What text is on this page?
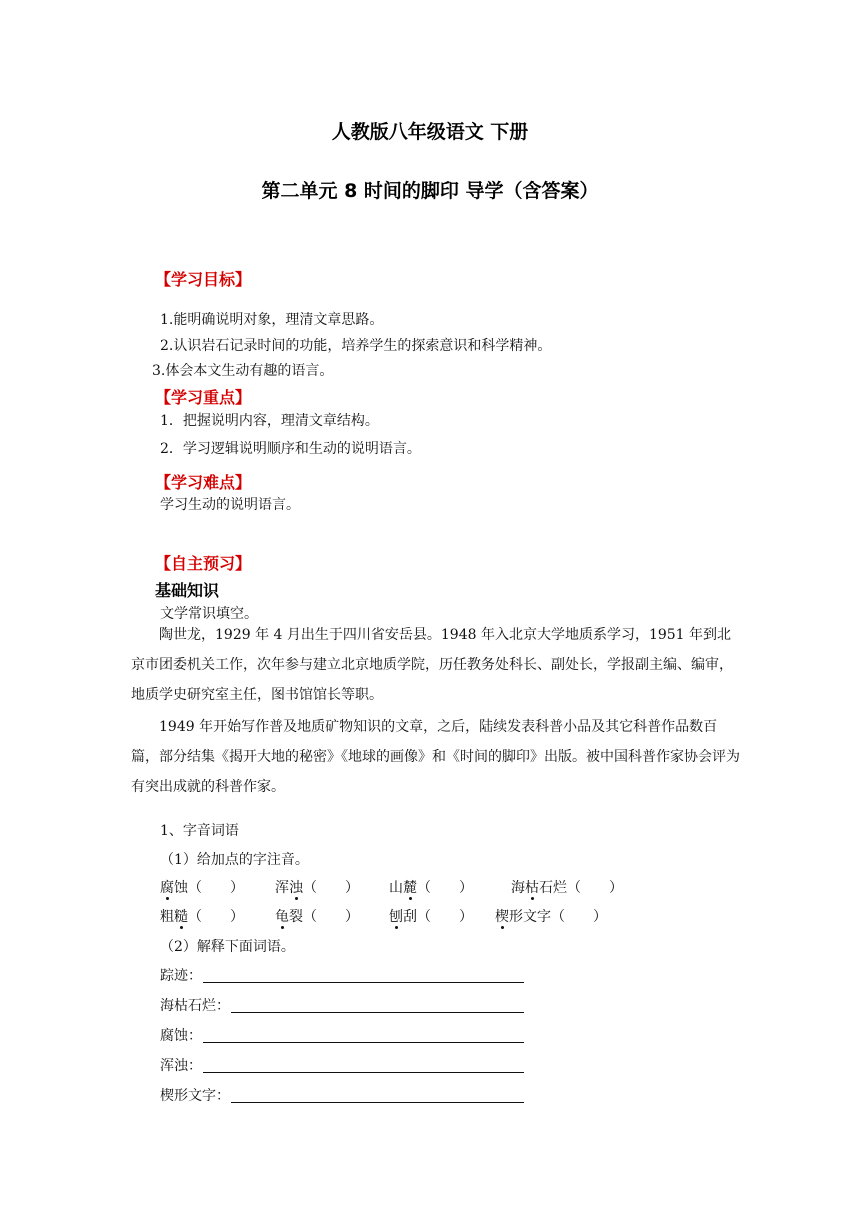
人教版八年级语文 下册
第二单元 8 时间的脚印 导学（含答案）
【学习目标】
1.能明确说明对象，理清文章思路。
2.认识岩石记录时间的功能，培养学生的探索意识和科学精神。
3.体会本文生动有趣的语言。
【学习重点】
1．把握说明内容，理清文章结构。
2．学习逻辑说明顺序和生动的说明语言。
【学习难点】
学习生动的说明语言。
【自主预习】
基础知识
文学常识填空。
陶世龙，1929 年 4 月出生于四川省安岳县。1948 年入北京大学地质系学习，1951 年到北京市团委机关工作，次年参与建立北京地质学院，历任教务处科长、副处长，学报副主编、编审，地质学史研究室主任，图书馆馆长等职。
1949 年开始写作普及地质矿物知识的文章，之后，陆续发表科普小品及其它科普作品数百篇，部分结集《揭开大地的秘密》《地球的画像》和《时间的脚印》出版。被中国科普作家协会评为有突出成就的科普作家。
1、字音词语
（1）给加点的字注音。
腐蚀（　　） 浑浊（　　） 山麓（　　）	海枯石烂（　　）
粗糙（　　） 龟裂（　　） 刨刮（　　） 楔形文字（　　）
（2）解释下面词语。
踪迹：
海枯石烂：
腐蚀：
浑浊：
楔形文字：
